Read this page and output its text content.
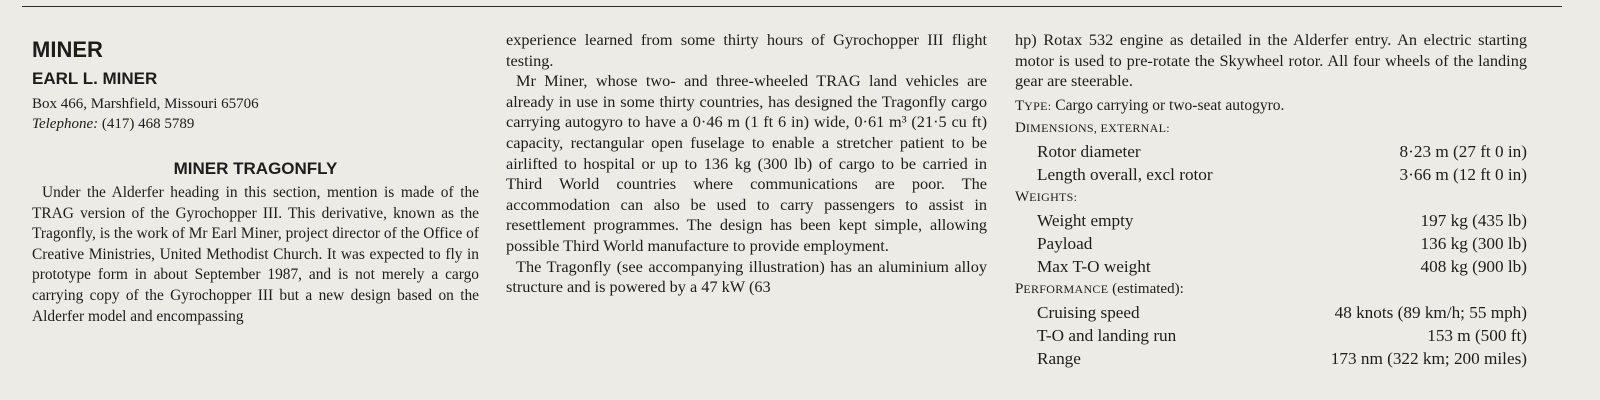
MINER
EARL L. MINER
Box 466, Marshfield, Missouri 65706
Telephone: (417) 468 5789
MINER TRAGONFLY

Under the Alderfer heading in this section, mention is made of the TRAG version of the Gyrochopper III. This derivative, known as the Tragonfly, is the work of Mr Earl Miner, project director of the Office of Creative Ministries, United Methodist Church. It was expected to fly in prototype form in about September 1987, and is not merely a cargo carrying copy of the Gyrochopper III but a new design based on the Alderfer model and encompassing

experience learned from some thirty hours of Gyrochopper III flight testing.

Mr Miner, whose two- and three-wheeled TRAG land vehicles are already in use in some thirty countries, has designed the Tragonfly cargo carrying autogyro to have a 0·46 m (1 ft 6 in) wide, 0·61 m³ (21·5 cu ft) capacity, rectangular open fuselage to enable a stretcher patient to be airlifted to hospital or up to 136 kg (300 lb) of cargo to be carried in Third World countries where communications are poor. The accommodation can also be used to carry passengers to assist in resettlement programmes. The design has been kept simple, allowing possible Third World manufacture to provide employment.

The Tragonfly (see accompanying illustration) has an aluminium alloy structure and is powered by a 47 kW (63

hp) Rotax 532 engine as detailed in the Alderfer entry. An electric starting motor is used to pre-rotate the Skywheel rotor. All four wheels of the landing gear are steerable.

TYPE: Cargo carrying or two-seat autogyro.
DIMENSIONS, EXTERNAL:
Rotor diameter	8·23 m (27 ft 0 in)
Length overall, excl rotor	3·66 m (12 ft 0 in)
WEIGHTS:
Weight empty	197 kg (435 lb)
Payload	136 kg (300 lb)
Max T-O weight	408 kg (900 lb)
PERFORMANCE (estimated):
Cruising speed	48 knots (89 km/h; 55 mph)
T-O and landing run	153 m (500 ft)
Range	173 nm (322 km; 200 miles)
